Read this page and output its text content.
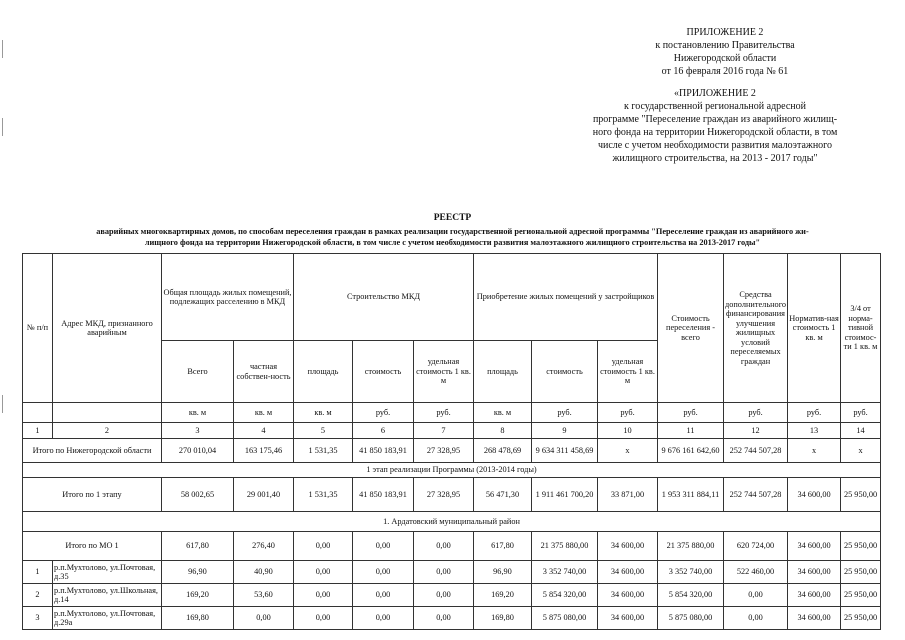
ПРИЛОЖЕНИЕ 2
к постановлению Правительства
Нижегородской области
от 16 февраля 2016 года № 61
«ПРИЛОЖЕНИЕ 2
к государственной региональной адресной
программе "Переселение граждан из аварийного жилищ-
ного фонда на территории Нижегородской области, в том
числе с учетом необходимости развития малоэтажного
жилищного строительства, на 2013 - 2017 годы"
РЕЕСТР
аварийных многоквартирных домов, по способам переселения граждан в рамках реализации государственной региональной адресной программы "Переселение граждан из аварийного жи-
лищного фонда на территории Нижегородской области, в том числе с учетом необходимости развития малоэтажного жилищного строительства на 2013-2017 годы"
№ п/п	Адрес МКД, признанного аварийным	Общая площадь жилых помещений, подлежащих расселению в МКД		Строительство МКД			Приобретение жилых помещений у застройщиков			Стоимость переселения - всего	Средства дополнительного финансирования улучшения жилищных условий переселяемых граждан	Норматив-ная стоимость 1 кв. м	3/4 от норма-тивной стоимос-ти 1 кв. м
		Всего	частная собствен-ность	площадь	стоимость	удельная стоимость 1 кв. м	площадь	стоимость	удельная стоимость 1 кв. м				
		кв. м	кв. м	кв. м	руб.	руб.	кв. м	руб.	руб.	руб.	руб.	руб.	руб.
1	2	3	4	5	6	7	8	9	10	11	12	13	14
Итого по Нижегородской области		270 010,04	163 175,46	1 531,35	41 850 183,91	27 328,95	268 478,69	9 634 311 458,69	х	9 676 161 642,60	252 744 507,28	х	х
1 этап реализации Программы (2013-2014 годы)													
Итого по 1 этапу		58 002,65	29 001,40	1 531,35	41 850 183,91	27 328,95	56 471,30	1 911 461 700,20	33 871,00	1 953 311 884,11	252 744 507,28	34 600,00	25 950,00
1. Ардатовский муниципальный район													
Итого по МО 1		617,80	276,40	0,00	0,00	0,00	617,80	21 375 880,00	34 600,00	21 375 880,00	620 724,00	34 600,00	25 950,00
1	р.п.Мухтолово, ул.Почтовая, д.35	96,90	40,90	0,00	0,00	0,00	96,90	3 352 740,00	34 600,00	3 352 740,00	522 460,00	34 600,00	25 950,00
2	р.п.Мухтолово, ул.Школьная, д.14	169,20	53,60	0,00	0,00	0,00	169,20	5 854 320,00	34 600,00	5 854 320,00	0,00	34 600,00	25 950,00
3	р.п.Мухтолово, ул.Почтовая, д.29а	169,80	0,00	0,00	0,00	0,00	169,80	5 875 080,00	34 600,00	5 875 080,00	0,00	34 600,00	25 950,00
